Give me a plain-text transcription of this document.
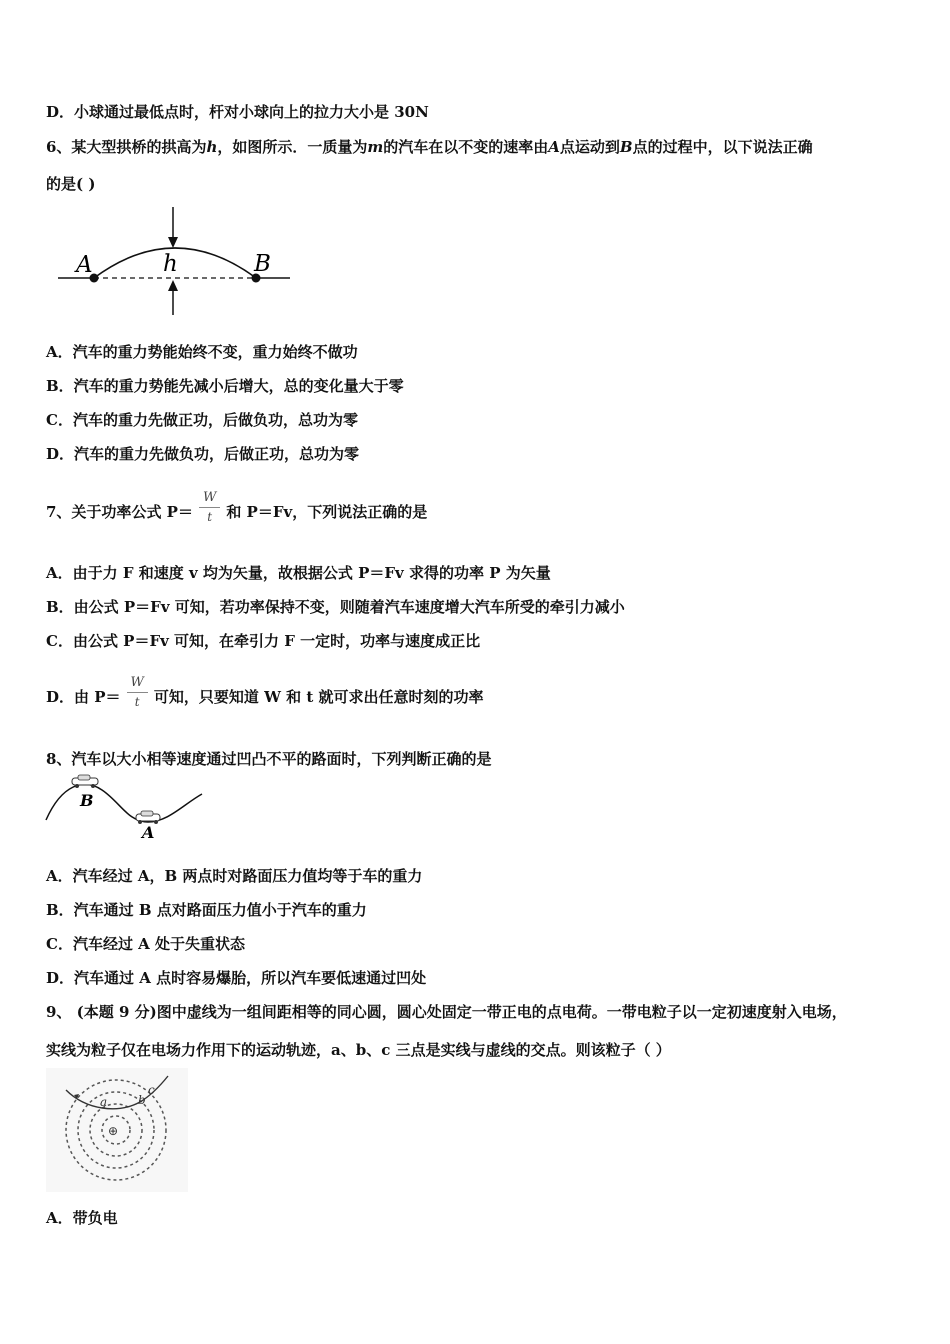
D．小球通过最低点时，杆对小球向上的拉力大小是 30N
6、某大型拱桥的拱高为h，如图所示．一质量为m的汽车在以不变的速率由A点运动到B点的过程中，以下说法正确
的是( )
A	h	B
A．汽车的重力势能始终不变，重力始终不做功
B．汽车的重力势能先减小后增大，总的变化量大于零
C．汽车的重力先做正功，后做负功，总功为零
D．汽车的重力先做负功，后做正功，总功为零
7、关于功率公式 $P= \frac{W}{t}$ 和 P＝Fv，下列说法正确的是
A．由于力 F 和速度 v 均为矢量，故根据公式 P＝Fv 求得的功率 P 为矢量
B．由公式 P＝Fv 可知，若功率保持不变，则随着汽车速度增大汽车所受的牵引力减小
C．由公式 P＝Fv 可知，在牵引力 F 一定时，功率与速度成正比
D．由 $P= \frac{W}{t}$ 可知，只要知道 W 和 t 就可求出任意时刻的功率
8、汽车以大小相等速度通过凹凸不平的路面时，下列判断正确的是
B
A
A．汽车经过 A，B 两点时对路面压力值均等于车的重力
B．汽车通过 B 点对路面压力值小于汽车的重力
C．汽车经过 A 处于失重状态
D．汽车通过 A 点时容易爆胎，所以汽车要低速通过凹处
9、 (本题 9 分)图中虚线为一组间距相等的同心圆，圆心处固定一带正电的点电荷。一带电粒子以一定初速度射入电场，
实线为粒子仅在电场力作用下的运动轨迹，a、b、c 三点是实线与虚线的交点。则该粒子（ ）
⊕
a	b
c
A．带负电
